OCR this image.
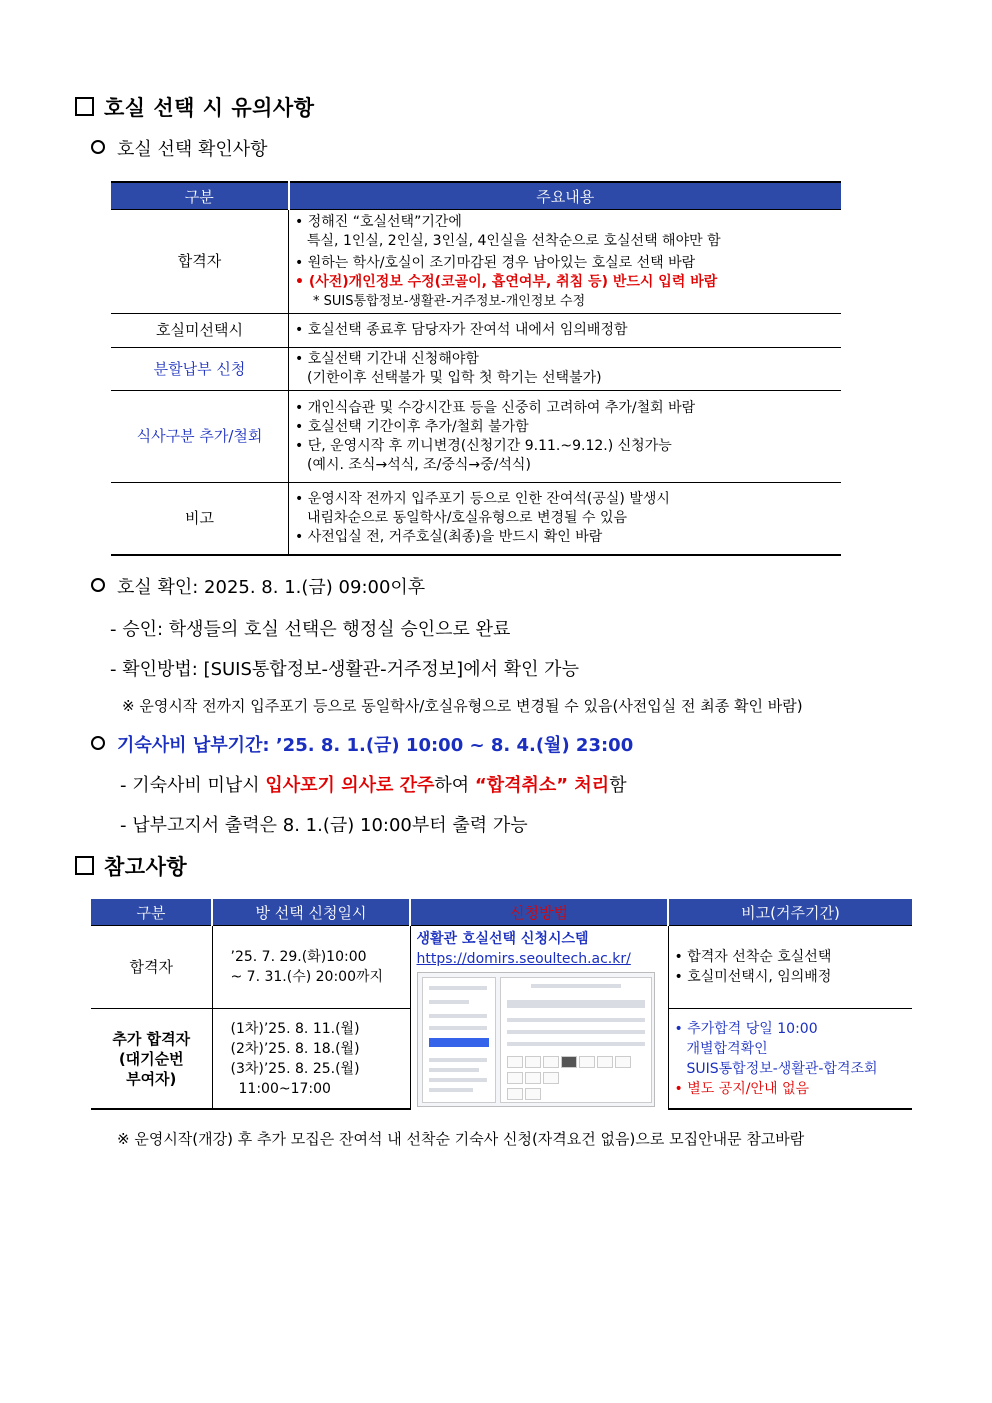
호실 선택 시 유의사항
호실 선택 확인사항
구분	주요내용
합격자	• 정해진 “호실선택”기간에
특실, 1인실, 2인실, 3인실, 4인실을 선착순으로 호실선택 해야만 함
• 원하는 학사/호실이 조기마감된 경우 남아있는 호실로 선택 바람
• (사전)개인정보 수정(코골이, 흡연여부, 취침 등) 반드시 입력 바람
* SUIS통합정보-생활관-거주정보-개인정보 수정

호실미선택시	• 호실선택 종료후 담당자가 잔여석 내에서 임의배정함

분할납부 신청	• 호실선택 기간내 신청해야함
(기한이후 선택불가 및 입학 첫 학기는 선택불가)

식사구분 추가/철회	• 개인식습관 및 수강시간표 등을 신중히 고려하여 추가/철회 바람
• 호실선택 기간이후 추가/철회 불가함
• 단, 운영시작 후 끼니변경(신청기간 9.11.~9.12.) 신청가능
(예시. 조식→석식, 조/중식→중/석식)

비고	• 운영시작 전까지 입주포기 등으로 인한 잔여석(공실) 발생시
내림차순으로 동일학사/호실유형으로 변경될 수 있음
• 사전입실 전, 거주호실(최종)을 반드시 확인 바람
호실 확인: 2025. 8. 1.(금) 09:00이후
- 승인: 학생들의 호실 선택은 행정실 승인으로 완료
- 확인방법: [SUIS통합정보-생활관-거주정보]에서 확인 가능
※ 운영시작 전까지 입주포기 등으로 동일학사/호실유형으로 변경될 수 있음(사전입실 전 최종 확인 바람)
기숙사비 납부기간: ’25. 8. 1.(금) 10:00 ~ 8. 4.(월) 23:00
- 기숙사비 미납시 입사포기 의사로 간주하여 “합격취소” 처리함
- 납부고지서 출력은 8. 1.(금) 10:00부터 출력 가능
참고사항
구분	방 선택 신청일시	신청방법	비고(거주기간)
합격자	’25. 7. 29.(화)10:00
~ 7. 31.(수) 20:00까지	생활관 호실선택 신청시스템
https://domirs.seoultech.ac.kr/	• 합격자 선착순 호실선택
• 호실미선택시, 임의배정

추가 합격자
(대기순번
부여자)	(1차)’25. 8. 11.(월)
(2차)’25. 8. 18.(월)
(3차)’25. 8. 25.(월)
11:00~17:00		• 추가합격 당일 10:00
개별합격확인
SUIS통합정보-생활관-합격조회
• 별도 공지/안내 없음
※ 운영시작(개강) 후 추가 모집은 잔여석 내 선착순 기숙사 신청(자격요건 없음)으로 모집안내문 참고바람
